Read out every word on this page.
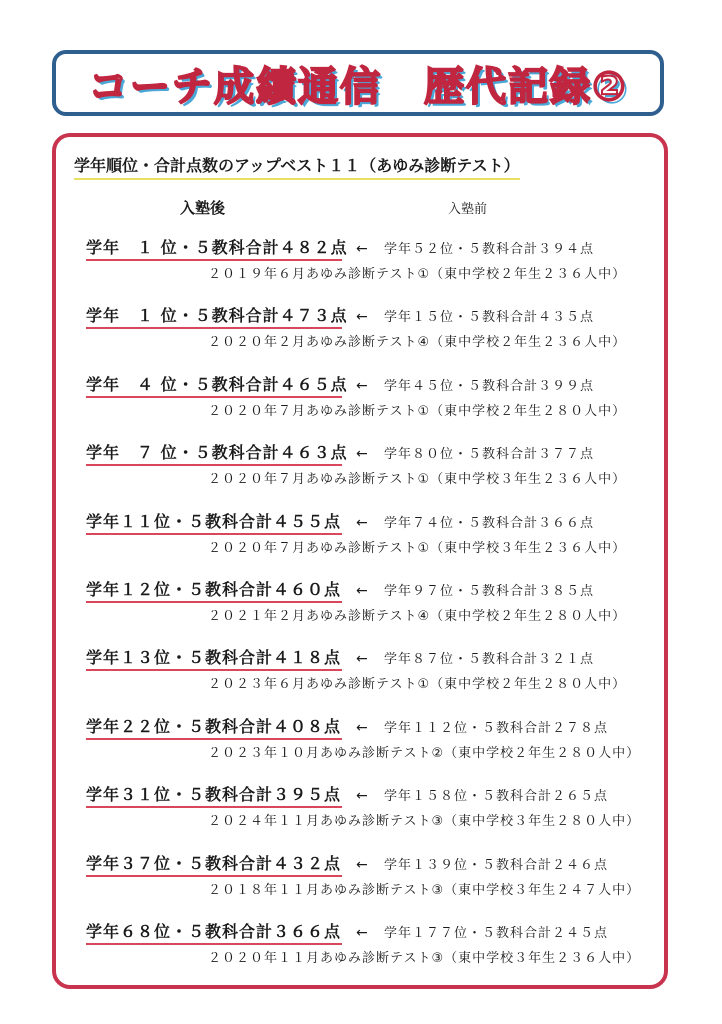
コーチ成績通信　歴代記録②
学年順位・合計点数のアップベスト１１（あゆみ診断テスト）
入塾後	入塾前
学年　１ 位・５教科合計４８２点 ← 学年５２位・５教科合計３９４点
２０１９年６月あゆみ診断テスト①（東中学校２年生２３６人中）
学年　１ 位・５教科合計４７３点 ← 学年１５位・５教科合計４３５点
２０２０年２月あゆみ診断テスト④（東中学校２年生２３６人中）
学年　４ 位・５教科合計４６５点 ← 学年４５位・５教科合計３９９点
２０２０年７月あゆみ診断テスト①（東中学校２年生２８０人中）
学年　７ 位・５教科合計４６３点 ← 学年８０位・５教科合計３７７点
２０２０年７月あゆみ診断テスト①（東中学校３年生２３６人中）
学年１１位・５教科合計４５５点 ← 学年７４位・５教科合計３６６点
２０２０年７月あゆみ診断テスト①（東中学校３年生２３６人中）
学年１２位・５教科合計４６０点 ← 学年９７位・５教科合計３８５点
２０２１年２月あゆみ診断テスト④（東中学校２年生２８０人中）
学年１３位・５教科合計４１８点 ← 学年８７位・５教科合計３２１点
２０２３年６月あゆみ診断テスト①（東中学校２年生２８０人中）
学年２２位・５教科合計４０８点 ← 学年１１２位・５教科合計２７８点
２０２３年１０月あゆみ診断テスト②（東中学校２年生２８０人中）
学年３１位・５教科合計３９５点 ← 学年１５８位・５教科合計２６５点
２０２４年１１月あゆみ診断テスト③（東中学校３年生２８０人中）
学年３７位・５教科合計４３２点 ← 学年１３９位・５教科合計２４６点
２０１８年１１月あゆみ診断テスト③（東中学校３年生２４７人中）
学年６８位・５教科合計３６６点 ← 学年１７７位・５教科合計２４５点
２０２０年１１月あゆみ診断テスト③（東中学校３年生２３６人中）
